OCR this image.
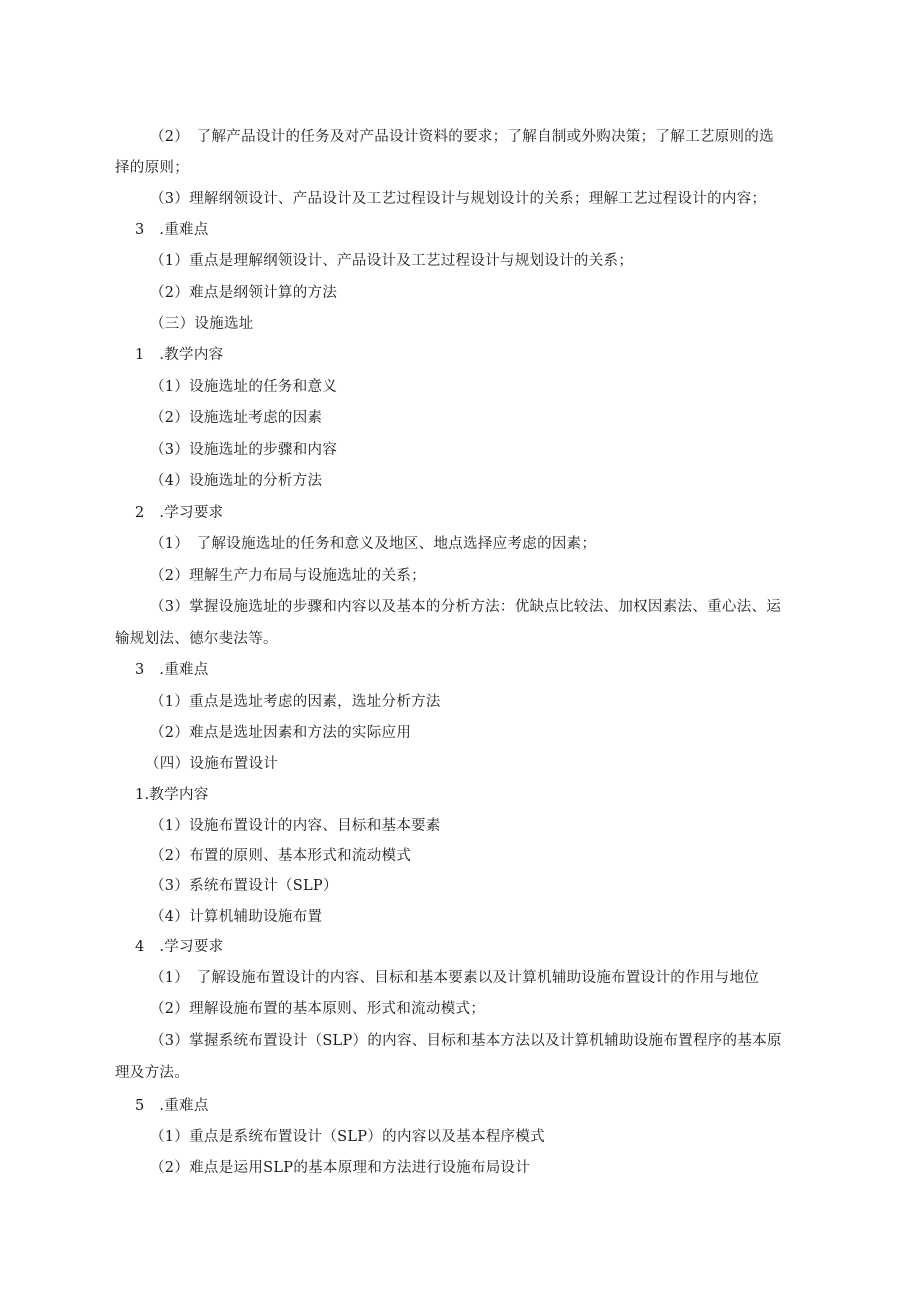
（2）　了解产品设计的任务及对产品设计资料的要求；了解自制或外购决策；了解工艺原则的选
择的原则；
（3）理解纲领设计、产品设计及工艺过程设计与规划设计的关系；理解工艺过程设计的内容；
3　.重难点
（1）重点是理解纲领设计、产品设计及工艺过程设计与规划设计的关系；
（2）难点是纲领计算的方法
（三）设施选址
1　.教学内容
（1）设施选址的任务和意义
（2）设施选址考虑的因素
（3）设施选址的步骤和内容
（4）设施选址的分析方法
2　.学习要求
（1）　了解设施选址的任务和意义及地区、地点选择应考虑的因素；
（2）理解生产力布局与设施选址的关系；
（3）掌握设施选址的步骤和内容以及基本的分析方法：优缺点比较法、加权因素法、重心法、运
输规划法、德尔斐法等。
3　.重难点
（1）重点是选址考虑的因素，选址分析方法
（2）难点是选址因素和方法的实际应用
（四）设施布置设计
1.教学内容
（1）设施布置设计的内容、目标和基本要素
（2）布置的原则、基本形式和流动模式
（3）系统布置设计（SLP）
（4）计算机辅助设施布置
4　.学习要求
（1）　了解设施布置设计的内容、目标和基本要素以及计算机辅助设施布置设计的作用与地位
（2）理解设施布置的基本原则、形式和流动模式；
（3）掌握系统布置设计（SLP）的内容、目标和基本方法以及计算机辅助设施布置程序的基本原
理及方法。
5　.重难点
（1）重点是系统布置设计（SLP）的内容以及基本程序模式
（2）难点是运用SLP的基本原理和方法进行设施布局设计
